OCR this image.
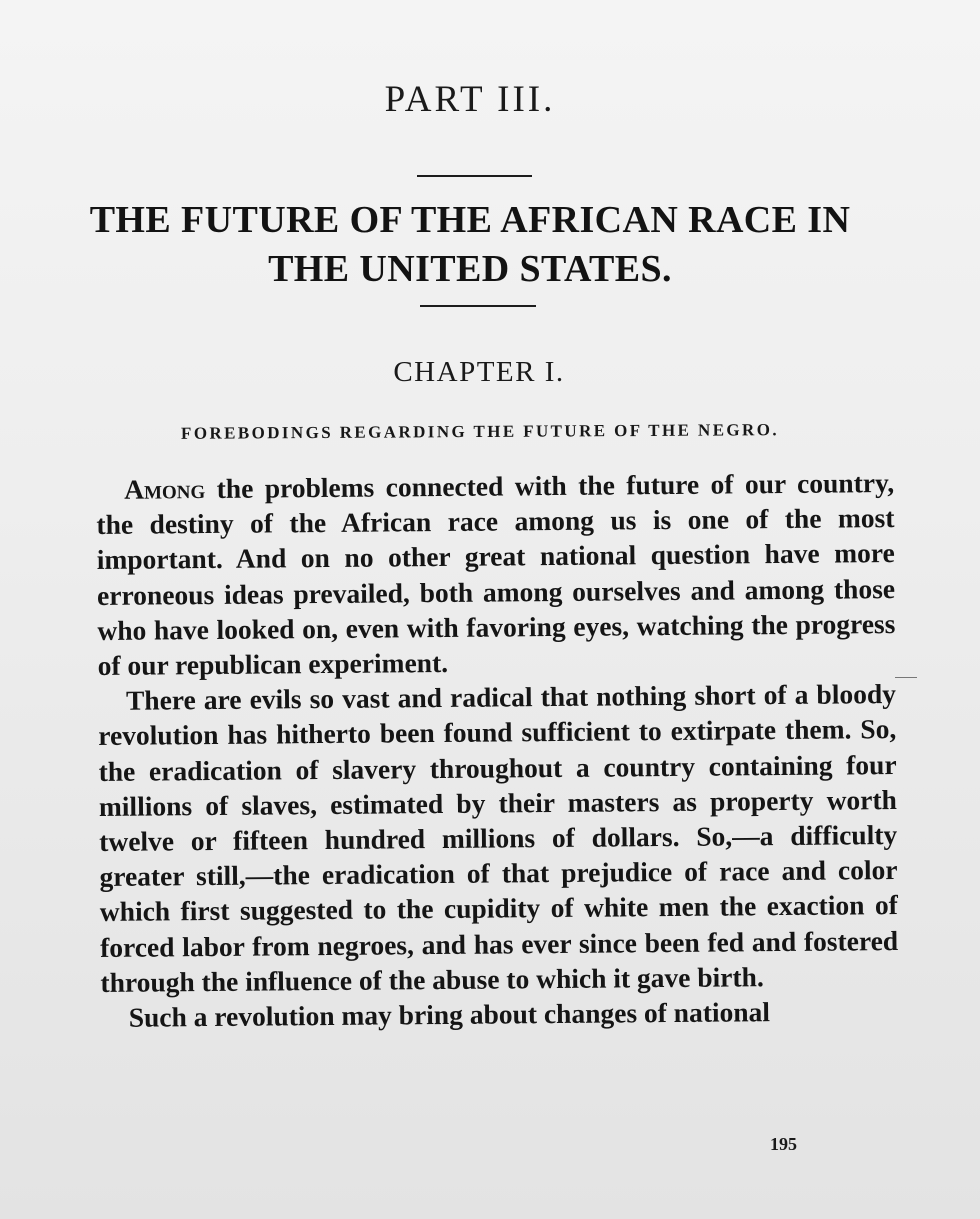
PART III.
THE FUTURE OF THE AFRICAN RACE IN
THE UNITED STATES.
CHAPTER I.
FOREBODINGS REGARDING THE FUTURE OF THE NEGRO.

Among the problems connected with the future of our country, the destiny of the African race among us is one of the most important. And on no other great national question have more erroneous ideas prevailed, both among ourselves and among those who have looked on, even with favoring eyes, watching the progress of our republican experiment.

There are evils so vast and radical that nothing short of a bloody revolution has hitherto been found sufficient to extirpate them. So, the eradication of slavery throughout a country containing four millions of slaves, estimated by their masters as property worth twelve or fifteen hundred millions of dollars. So,—a difficulty greater still,—the eradication of that prejudice of race and color which first suggested to the cupidity of white men the exaction of forced labor from negroes, and has ever since been fed and fostered through the influence of the abuse to which it gave birth.

Such a revolution may bring about changes of national

195
